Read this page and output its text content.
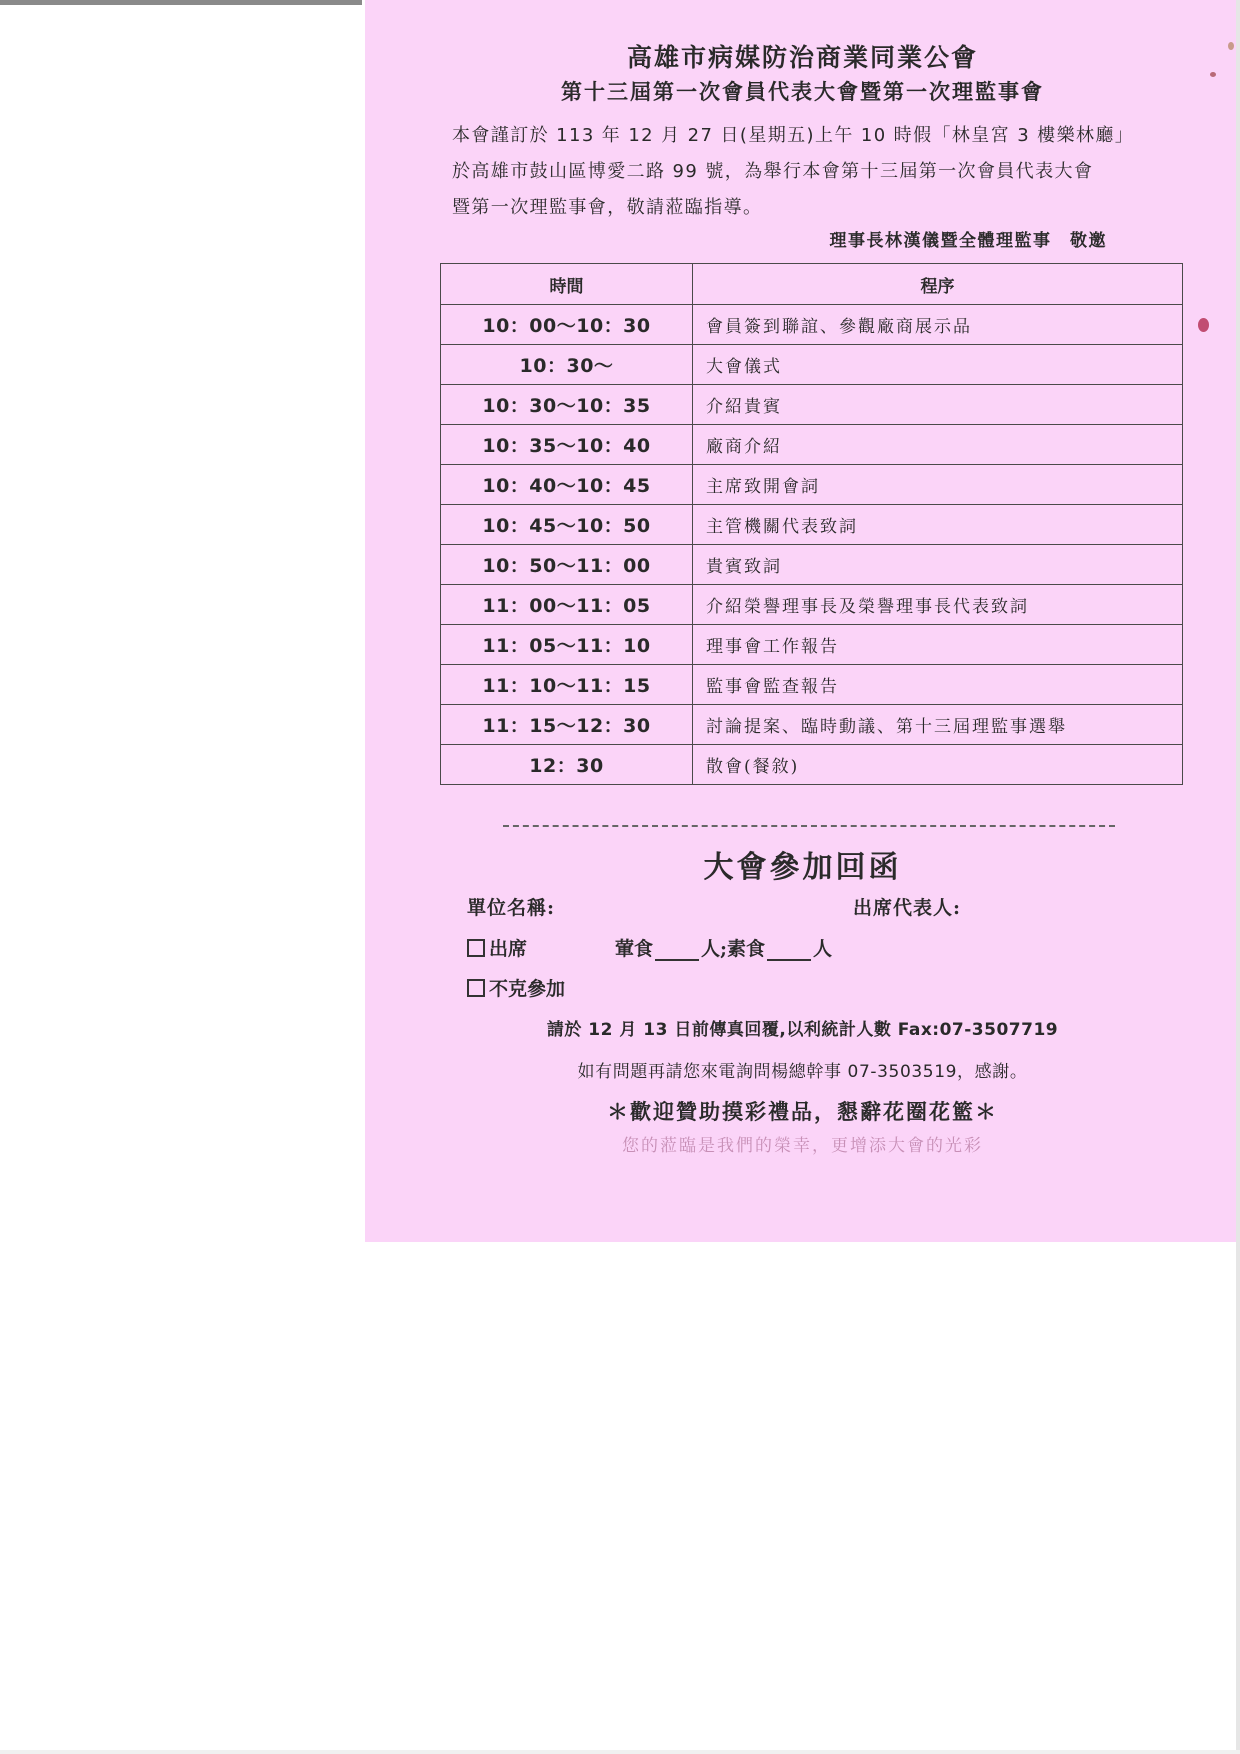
高雄市病媒防治商業同業公會
第十三屆第一次會員代表大會暨第一次理監事會
本會謹訂於 113 年 12 月 27 日(星期五)上午 10 時假「林皇宮 3 樓樂林廳」
於高雄市鼓山區博愛二路 99 號，為舉行本會第十三屆第一次會員代表大會
暨第一次理監事會，敬請蒞臨指導。
理事長林漢儀暨全體理監事　敬邀
時間	程序
10：00～10：30	會員簽到聯誼、參觀廠商展示品
10：30～	大會儀式
10：30～10：35	介紹貴賓
10：35～10：40	廠商介紹
10：40～10：45	主席致開會詞
10：45～10：50	主管機關代表致詞
10：50～11：00	貴賓致詞
11：00～11：05	介紹榮譽理事長及榮譽理事長代表致詞
11：05～11：10	理事會工作報告
11：10～11：15	監事會監查報告
11：15～12：30	討論提案、臨時動議、第十三屆理監事選舉
12：30	散會(餐敘)
大會參加回函
單位名稱:	出席代表人:
出席	葷食	人; 素食	人
不克參加
請於 12 月 13 日前傳真回覆,以利統計人數 Fax:07-3507719
如有問題再請您來電詢問楊總幹事 07-3503519，感謝。
＊歡迎贊助摸彩禮品，懇辭花圈花籃＊
您的蒞臨是我們的榮幸，更增添大會的光彩
